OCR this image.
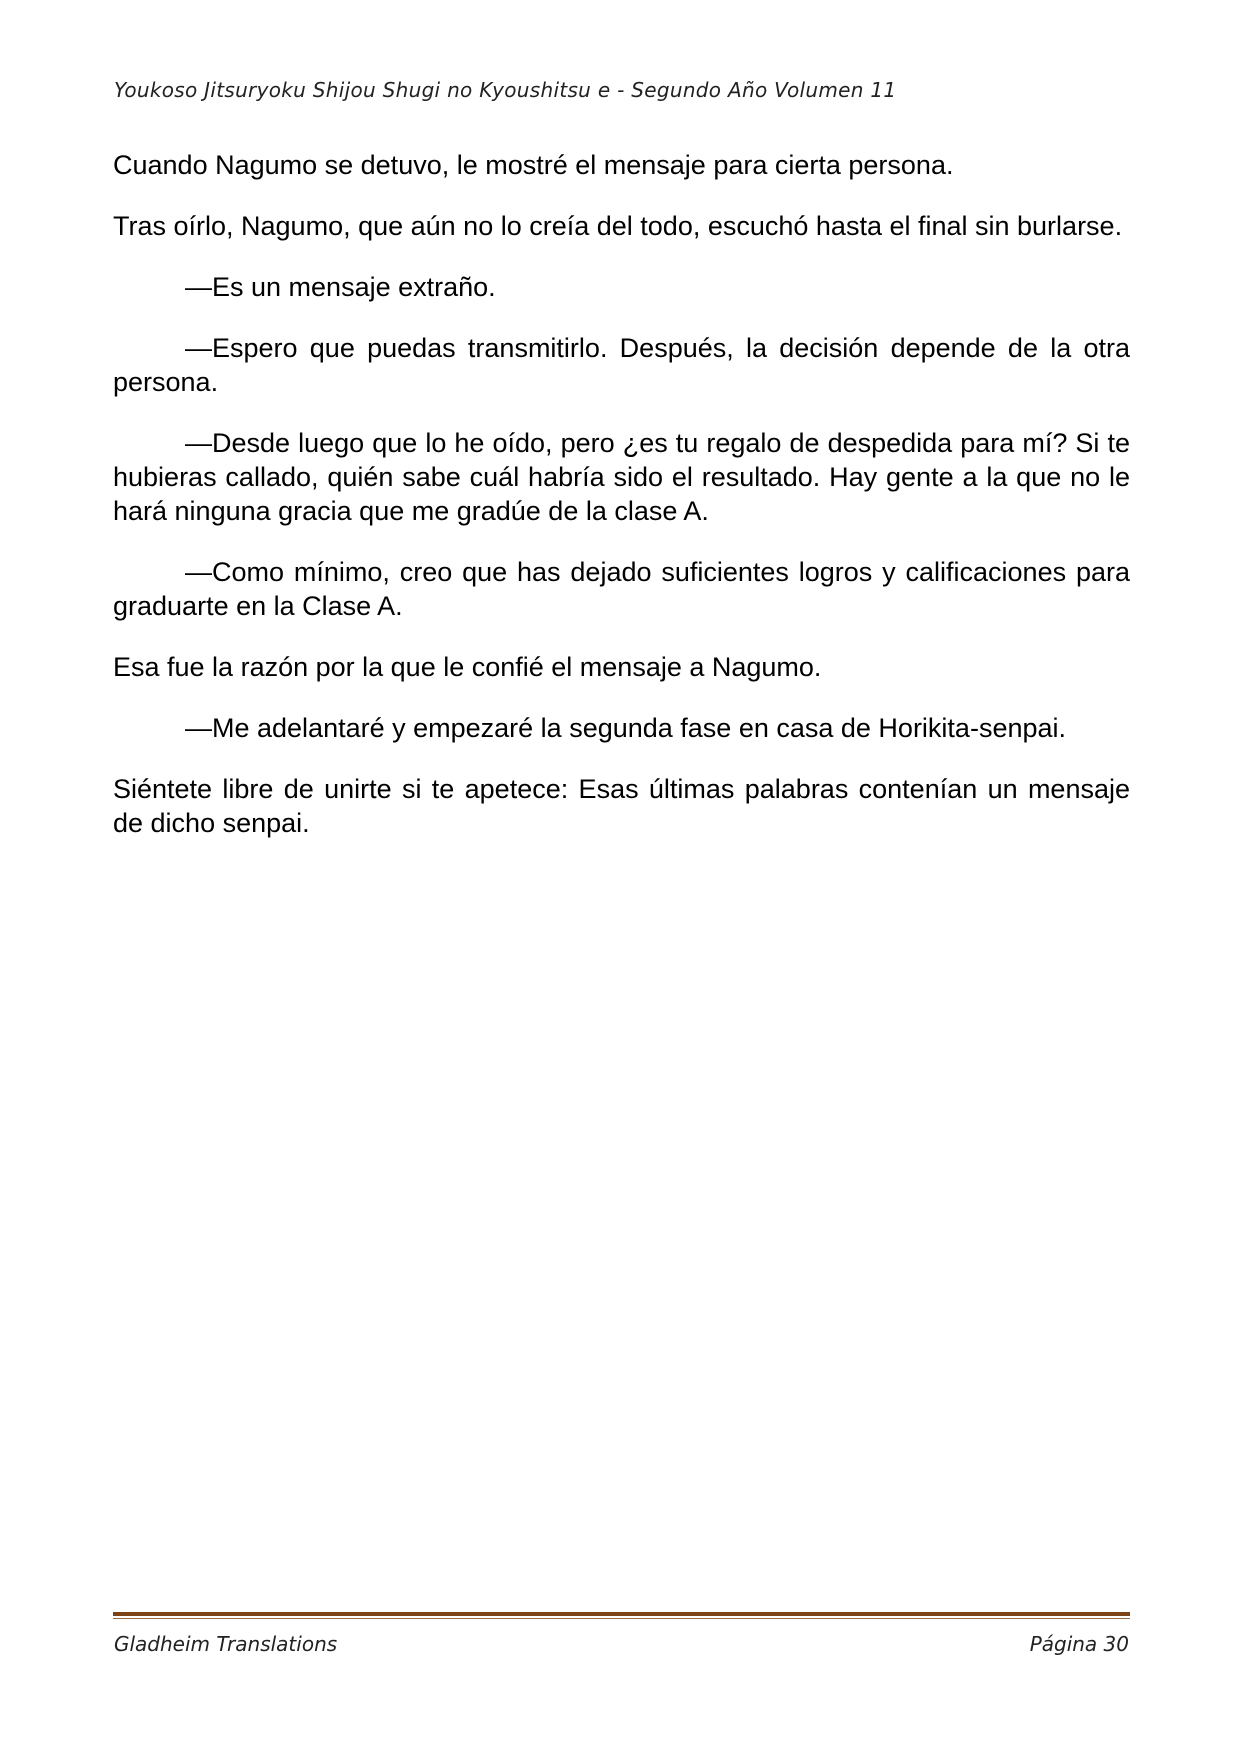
Youkoso Jitsuryoku Shijou Shugi no Kyoushitsu e - Segundo Año Volumen 11

Cuando Nagumo se detuvo, le mostré el mensaje para cierta persona.

Tras oírlo, Nagumo, que aún no lo creía del todo, escuchó hasta el final sin burlarse.

—Es un mensaje extraño.

—Espero que puedas transmitirlo. Después, la decisión depende de la otra persona.

—Desde luego que lo he oído, pero ¿es tu regalo de despedida para mí? Si te hubieras callado, quién sabe cuál habría sido el resultado. Hay gente a la que no le hará ninguna gracia que me gradúe de la clase A.

—Como mínimo, creo que has dejado suficientes logros y calificaciones para graduarte en la Clase A.

Esa fue la razón por la que le confié el mensaje a Nagumo.

—Me adelantaré y empezaré la segunda fase en casa de Horikita-senpai.

Siéntete libre de unirte si te apetece: Esas últimas palabras contenían un mensaje de dicho senpai.

Gladheim Translations	Página 30
